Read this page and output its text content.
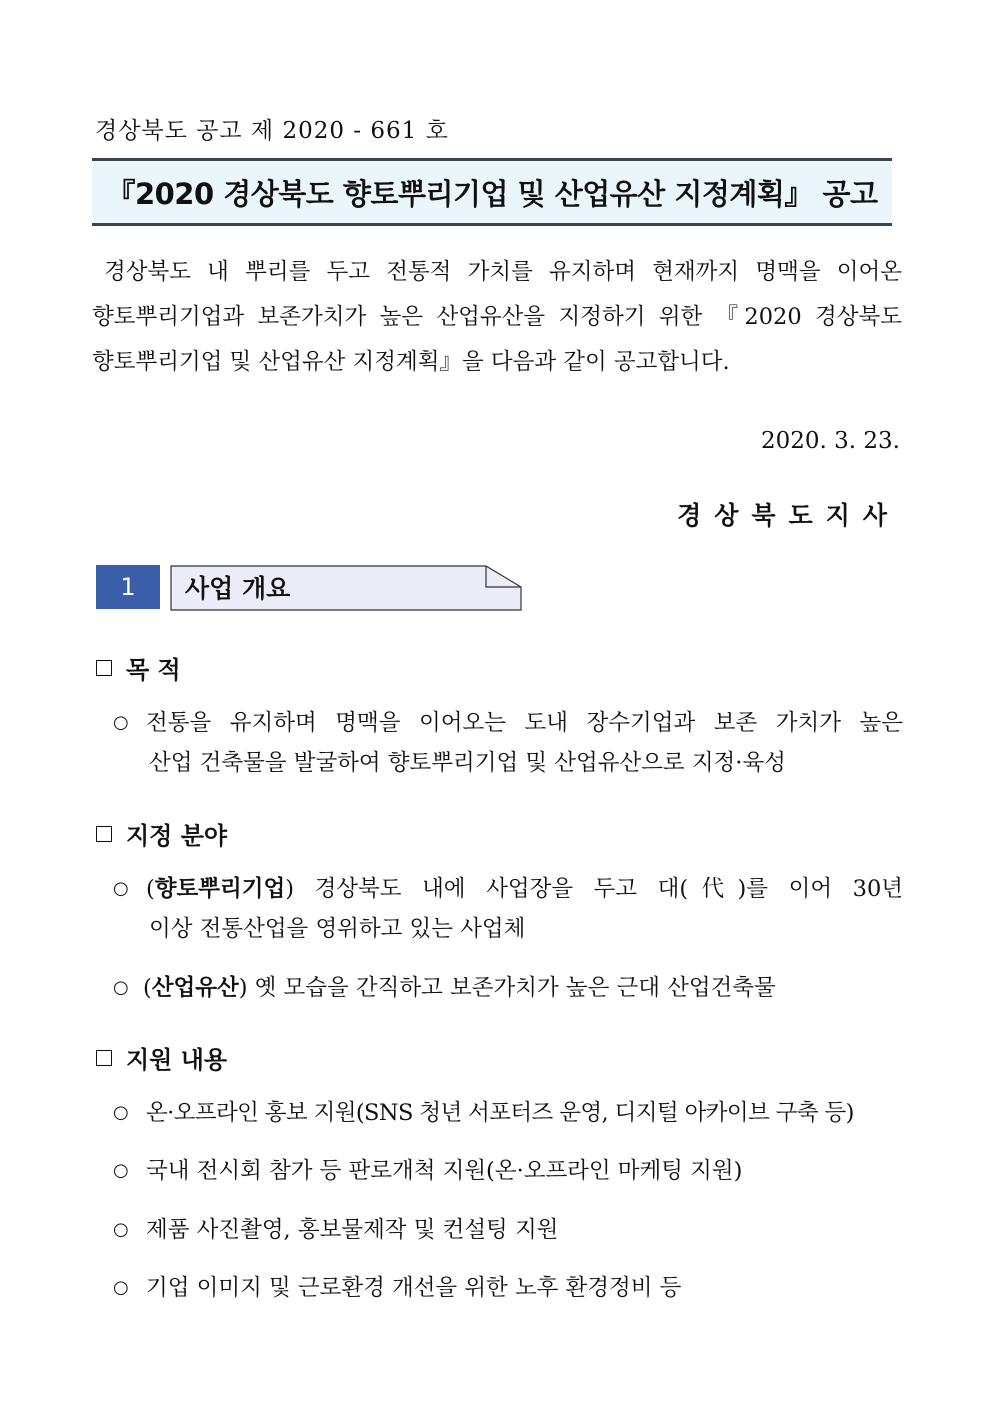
경상북도 공고 제 2020 - 661 호
『2020 경상북도 향토뿌리기업 및 산업유산 지정계획』 공고
경상북도 내 뿌리를 두고 전통적 가치를 유지하며 현재까지 명맥을 이어온
향토뿌리기업과 보존가치가 높은 산업유산을 지정하기 위한 『2020 경상북도
향토뿌리기업 및 산업유산 지정계획』을 다음과 같이 공고합니다.
2020. 3. 23.
경상북도지사
1	사업 개요
목 적
○ 전통을 유지하며 명맥을 이어오는 도내 장수기업과 보존 가치가 높은
산업 건축물을 발굴하여 향토뿌리기업 및 산업유산으로 지정·육성
지정 분야
○ (향토뿌리기업) 경상북도 내에 사업장을 두고 대(代)를 이어 30년
이상 전통산업을 영위하고 있는 사업체
○ (산업유산) 옛 모습을 간직하고 보존가치가 높은 근대 산업건축물
지원 내용
○ 온·오프라인 홍보 지원(SNS 청년 서포터즈 운영, 디지털 아카이브 구축 등)
○ 국내 전시회 참가 등 판로개척 지원(온·오프라인 마케팅 지원)
○ 제품 사진촬영, 홍보물제작 및 컨설팅 지원
○ 기업 이미지 및 근로환경 개선을 위한 노후 환경정비 등
